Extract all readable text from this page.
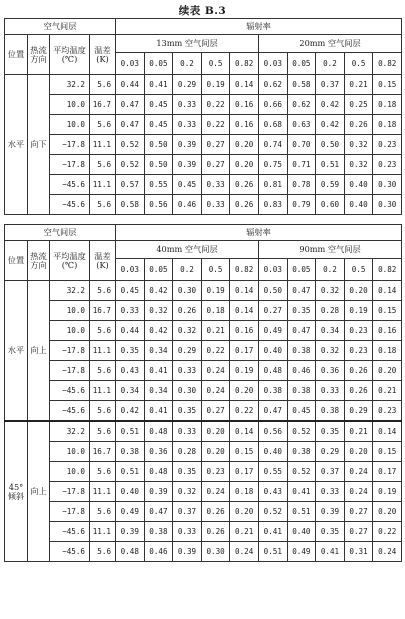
续表 B.3
空气间层				辐射率									
位置	热流方向	平均温度(℃)	温差(K)	13mm 空气间层					20mm 空气间层				
				0.03	0.05	0.2	0.5	0.82	0.03	0.05	0.2	0.5	0.82
水平	向下	32.2	5.6	0.44	0.41	0.29	0.19	0.14	0.62	0.58	0.37	0.21	0.15
		10.0	16.7	0.47	0.45	0.33	0.22	0.16	0.66	0.62	0.42	0.25	0.18
		10.0	5.6	0.47	0.45	0.33	0.22	0.16	0.68	0.63	0.42	0.26	0.18
		−17.8	11.1	0.52	0.50	0.39	0.27	0.20	0.74	0.70	0.50	0.32	0.23
		−17.8	5.6	0.52	0.50	0.39	0.27	0.20	0.75	0.71	0.51	0.32	0.23
		−45.6	11.1	0.57	0.55	0.45	0.33	0.26	0.81	0.78	0.59	0.40	0.30
		−45.6	5.6	0.58	0.56	0.46	0.33	0.26	0.83	0.79	0.60	0.40	0.30
空气间层				辐射率									
位置	热流方向	平均温度(℃)	温差(K)	40mm 空气间层					90mm 空气间层				
				0.03	0.05	0.2	0.5	0.82	0.03	0.05	0.2	0.5	0.82
水平	向上	32.2	5.6	0.45	0.42	0.30	0.19	0.14	0.50	0.47	0.32	0.20	0.14
		10.0	16.7	0.33	0.32	0.26	0.18	0.14	0.27	0.35	0.28	0.19	0.15
		10.0	5.6	0.44	0.42	0.32	0.21	0.16	0.49	0.47	0.34	0.23	0.16
		−17.8	11.1	0.35	0.34	0.29	0.22	0.17	0.40	0.38	0.32	0.23	0.18
		−17.8	5.6	0.43	0.41	0.33	0.24	0.19	0.48	0.46	0.36	0.26	0.20
		−45.6	11.1	0.34	0.34	0.30	0.24	0.20	0.38	0.38	0.33	0.26	0.21
		−45.6	5.6	0.42	0.41	0.35	0.27	0.22	0.47	0.45	0.38	0.29	0.23
45°倾斜	向上	32.2	5.6	0.51	0.48	0.33	0.20	0.14	0.56	0.52	0.35	0.21	0.14
		10.0	16.7	0.38	0.36	0.28	0.20	0.15	0.40	0.38	0.29	0.20	0.15
		10.0	5.6	0.51	0.48	0.35	0.23	0.17	0.55	0.52	0.37	0.24	0.17
		−17.8	11.1	0.40	0.39	0.32	0.24	0.18	0.43	0.41	0.33	0.24	0.19
		−17.8	5.6	0.49	0.47	0.37	0.26	0.20	0.52	0.51	0.39	0.27	0.20
		−45.6	11.1	0.39	0.38	0.33	0.26	0.21	0.41	0.40	0.35	0.27	0.22
		−45.6	5.6	0.48	0.46	0.39	0.30	0.24	0.51	0.49	0.41	0.31	0.24
